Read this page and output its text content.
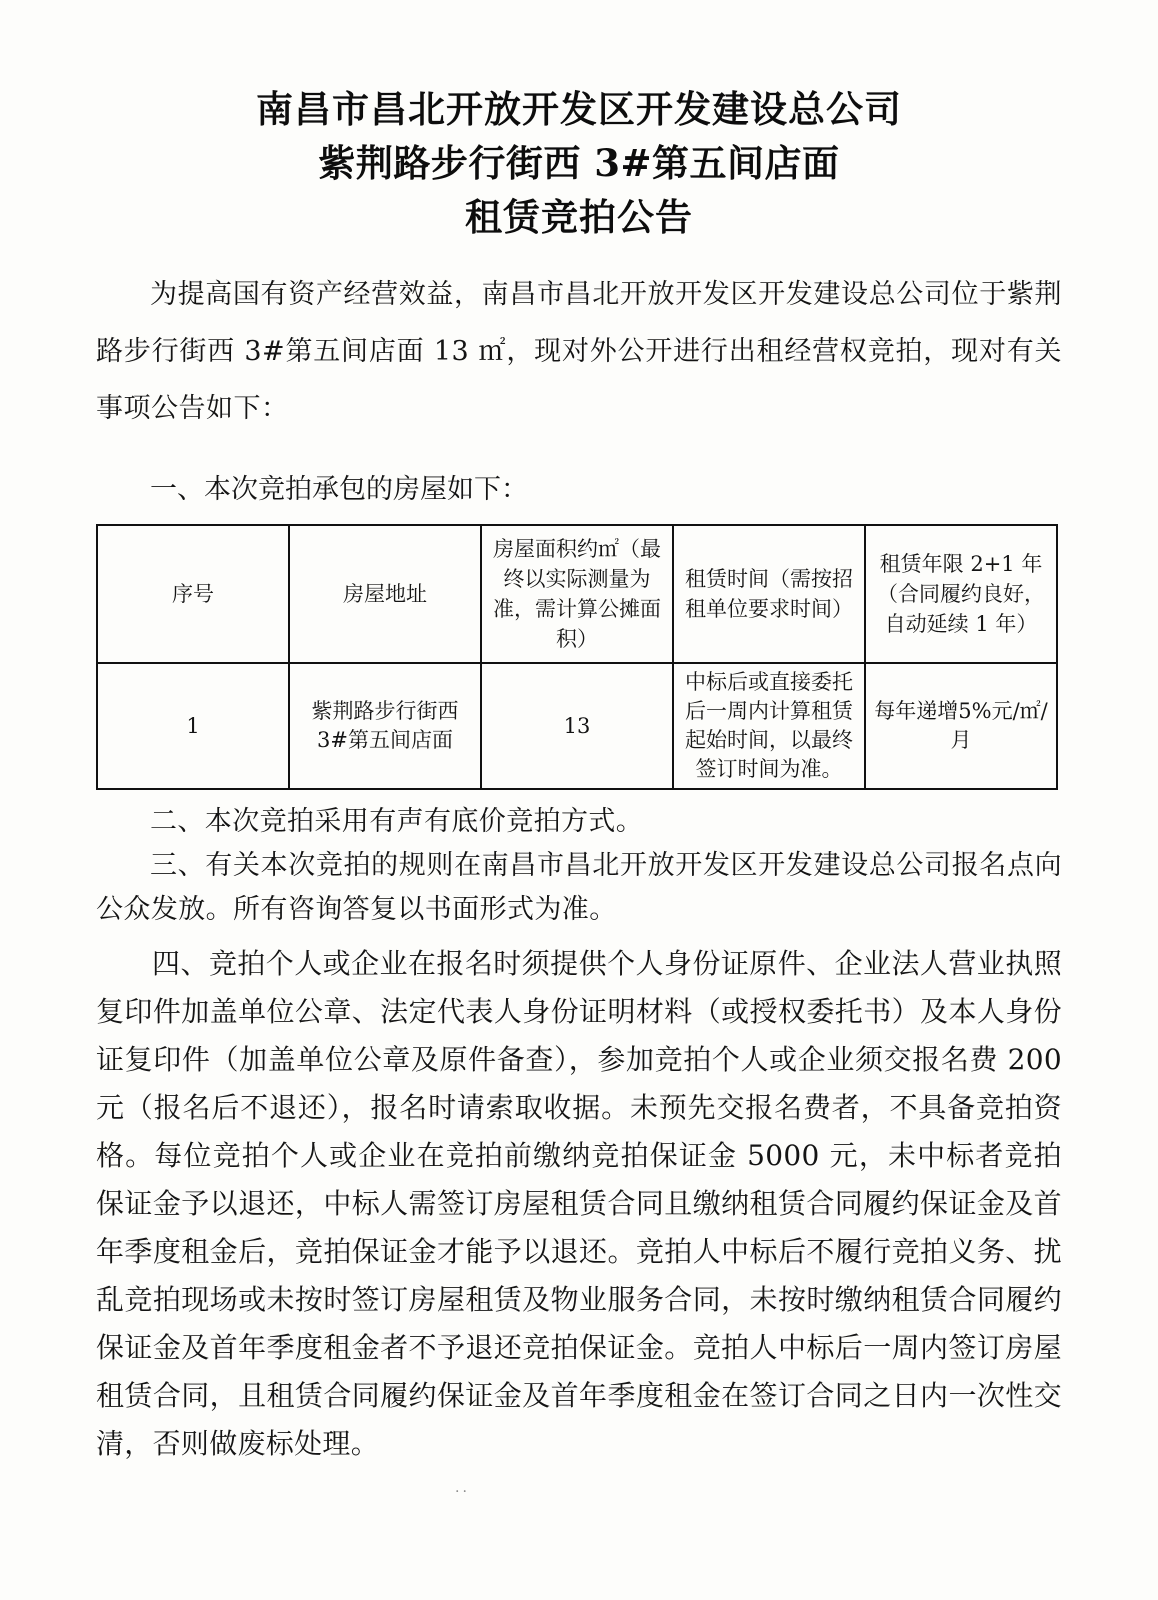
南昌市昌北开放开发区开发建设总公司
紫荆路步行街西 3#第五间店面
租赁竞拍公告

为提高国有资产经营效益，南昌市昌北开放开发区开发建设总公司位于紫荆路步行街西 3#第五间店面 13 ㎡，现对外公开进行出租经营权竞拍，现对有关事项公告如下：

一、本次竞拍承包的房屋如下：
序号	房屋地址	房屋面积约㎡（最终以实际测量为准，需计算公摊面积）	租赁时间（需按招租单位要求时间）	租赁年限 2+1 年（合同履约良好，自动延续 1 年）
1	紫荆路步行街西 3#第五间店面	13	中标后或直接委托后一周内计算租赁起始时间，以最终签订时间为准。	每年递增5%元/㎡/月

二、本次竞拍采用有声有底价竞拍方式。

三、有关本次竞拍的规则在南昌市昌北开放开发区开发建设总公司报名点向公众发放。所有咨询答复以书面形式为准。

四、竞拍个人或企业在报名时须提供个人身份证原件、企业法人营业执照复印件加盖单位公章、法定代表人身份证明材料（或授权委托书）及本人身份证复印件（加盖单位公章及原件备查），参加竞拍个人或企业须交报名费 200 元（报名后不退还），报名时请索取收据。未预先交报名费者，不具备竞拍资格。每位竞拍个人或企业在竞拍前缴纳竞拍保证金 5000 元，未中标者竞拍保证金予以退还，中标人需签订房屋租赁合同且缴纳租赁合同履约保证金及首年季度租金后，竞拍保证金才能予以退还。竞拍人中标后不履行竞拍义务、扰乱竞拍现场或未按时签订房屋租赁及物业服务合同，未按时缴纳租赁合同履约保证金及首年季度租金者不予退还竞拍保证金。竞拍人中标后一周内签订房屋租赁合同，且租赁合同履约保证金及首年季度租金在签订合同之日内一次性交清，否则做废标处理。

..
